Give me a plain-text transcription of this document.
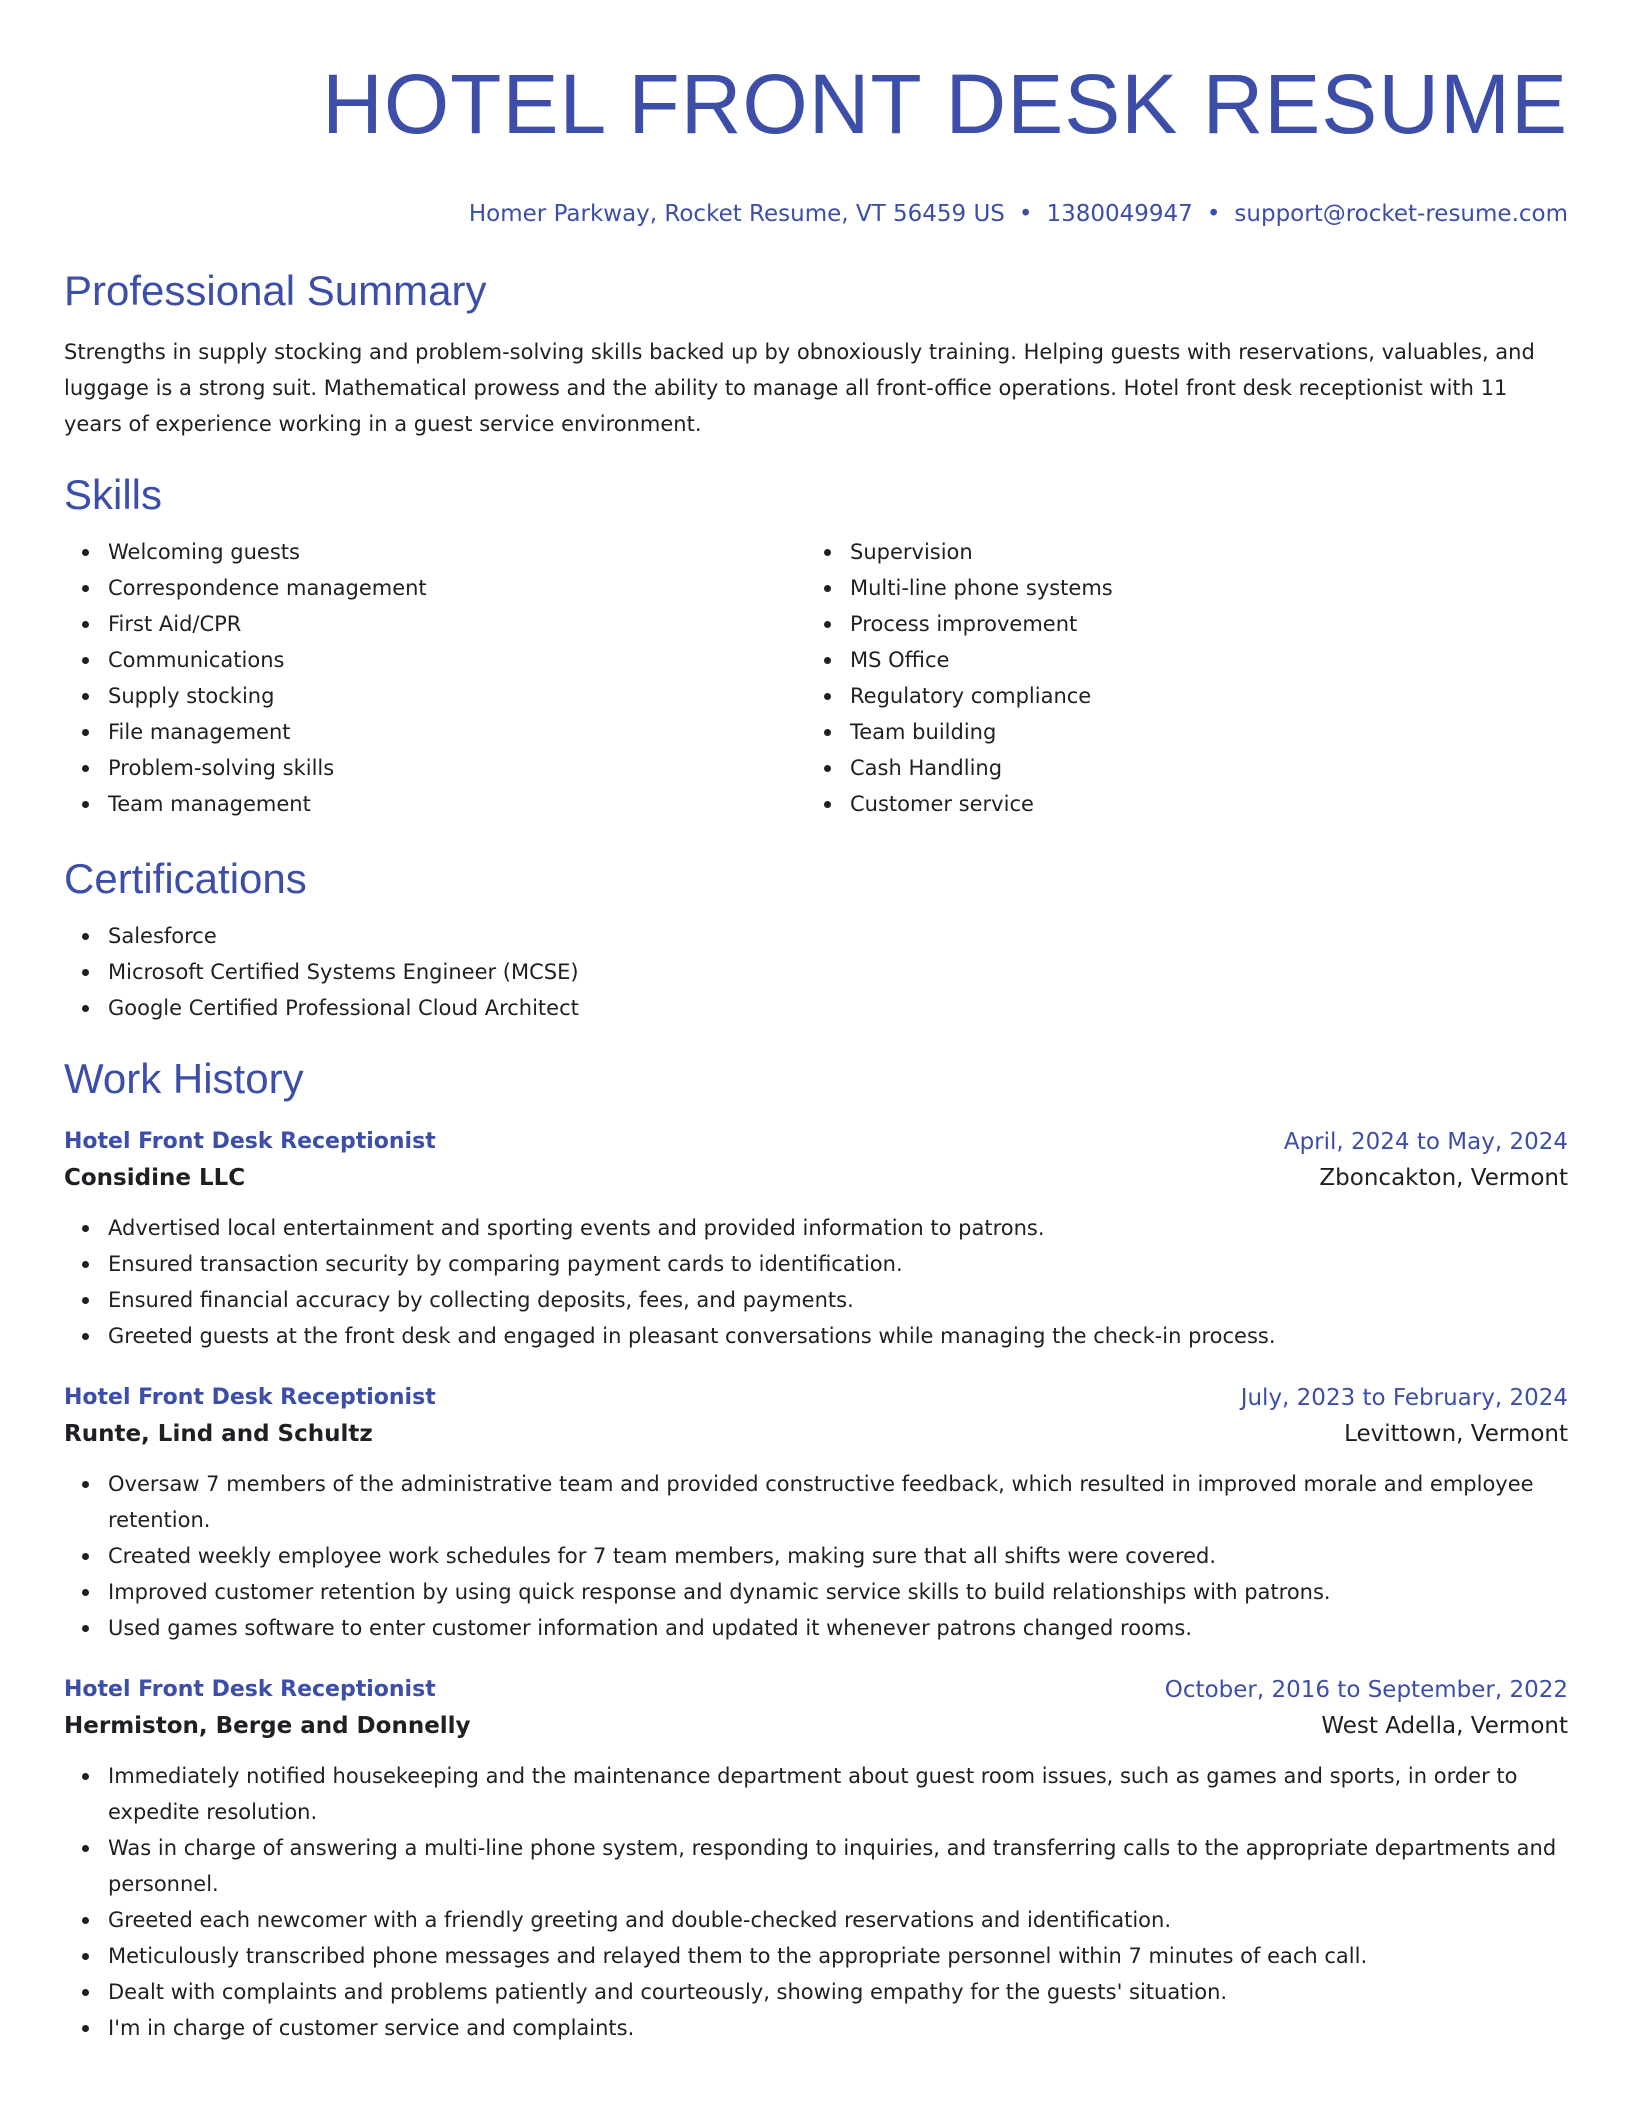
HOTEL FRONT DESK RESUME
Homer Parkway, Rocket Resume, VT 56459 US • 1380049947 • support@rocket-resume.com
Professional Summary
Strengths in supply stocking and problem-solving skills backed up by obnoxiously training. Helping guests with reservations, valuables, and luggage is a strong suit. Mathematical prowess and the ability to manage all front-office operations. Hotel front desk receptionist with 11 years of experience working in a guest service environment.
Skills
Welcoming guests
Correspondence management
First Aid/CPR
Communications
Supply stocking
File management
Problem-solving skills
Team management
Supervision
Multi-line phone systems
Process improvement
MS Office
Regulatory compliance
Team building
Cash Handling
Customer service
Certifications
Salesforce
Microsoft Certified Systems Engineer (MCSE)
Google Certified Professional Cloud Architect
Work History
Hotel Front Desk Receptionist	April, 2024 to May, 2024
Considine LLC	Zboncakton, Vermont
Advertised local entertainment and sporting events and provided information to patrons.
Ensured transaction security by comparing payment cards to identification.
Ensured financial accuracy by collecting deposits, fees, and payments.
Greeted guests at the front desk and engaged in pleasant conversations while managing the check-in process.
Hotel Front Desk Receptionist	July, 2023 to February, 2024
Runte, Lind and Schultz	Levittown, Vermont
Oversaw 7 members of the administrative team and provided constructive feedback, which resulted in improved morale and employee retention.
Created weekly employee work schedules for 7 team members, making sure that all shifts were covered.
Improved customer retention by using quick response and dynamic service skills to build relationships with patrons.
Used games software to enter customer information and updated it whenever patrons changed rooms.
Hotel Front Desk Receptionist	October, 2016 to September, 2022
Hermiston, Berge and Donnelly	West Adella, Vermont
Immediately notified housekeeping and the maintenance department about guest room issues, such as games and sports, in order to expedite resolution.
Was in charge of answering a multi-line phone system, responding to inquiries, and transferring calls to the appropriate departments and personnel.
Greeted each newcomer with a friendly greeting and double-checked reservations and identification.
Meticulously transcribed phone messages and relayed them to the appropriate personnel within 7 minutes of each call.
Dealt with complaints and problems patiently and courteously, showing empathy for the guests' situation.
I'm in charge of customer service and complaints.
